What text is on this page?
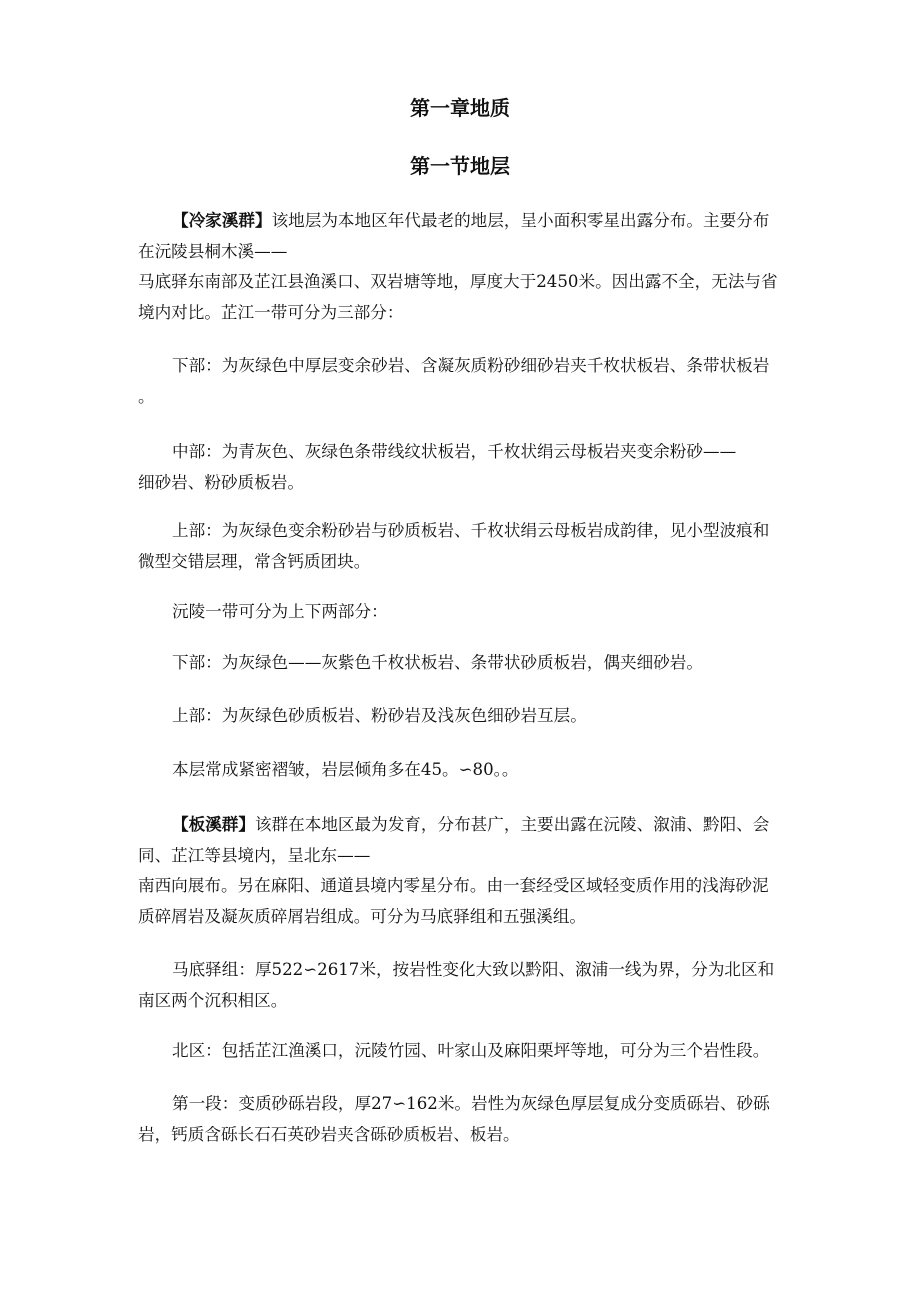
第一章地质
第一节地层
【冷家溪群】该地层为本地区年代最老的地层，呈小面积零星出露分布。主要分布
在沅陵县桐木溪——
马底驿东南部及芷江县渔溪口、双岩塘等地，厚度大于2450米。因出露不全，无法与省
境内对比。芷江一带可分为三部分：
下部：为灰绿色中厚层变余砂岩、含凝灰质粉砂细砂岩夹千枚状板岩、条带状板岩
。
中部：为青灰色、灰绿色条带线纹状板岩，千枚状绢云母板岩夹变余粉砂——
细砂岩、粉砂质板岩。
上部：为灰绿色变余粉砂岩与砂质板岩、千枚状绢云母板岩成韵律，见小型波痕和
微型交错层理，常含钙质团块。
沅陵一带可分为上下两部分：
下部：为灰绿色——灰紫色千枚状板岩、条带状砂质板岩，偶夹细砂岩。
上部：为灰绿色砂质板岩、粉砂岩及浅灰色细砂岩互层。
本层常成紧密褶皱，岩层倾角多在45。∽80。。
【板溪群】该群在本地区最为发育，分布甚广，主要出露在沅陵、溆浦、黔阳、会
同、芷江等县境内，呈北东——
南西向展布。另在麻阳、通道县境内零星分布。由一套经受区域轻变质作用的浅海砂泥
质碎屑岩及凝灰质碎屑岩组成。可分为马底驿组和五强溪组。
马底驿组：厚522∽2617米，按岩性变化大致以黔阳、溆浦一线为界，分为北区和
南区两个沉积相区。
北区：包括芷江渔溪口，沅陵竹园、叶家山及麻阳栗坪等地，可分为三个岩性段。
第一段：变质砂砾岩段，厚27∽162米。岩性为灰绿色厚层复成分变质砾岩、砂砾
岩，钙质含砾长石石英砂岩夹含砾砂质板岩、板岩。
